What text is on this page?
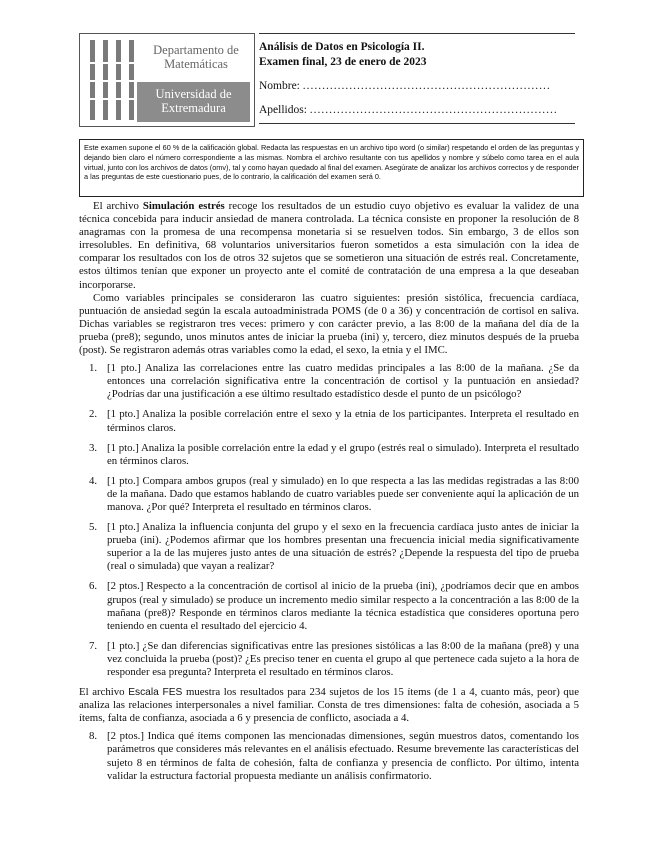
Departamento de Matemáticas
Universidad de Extremadura
Análisis de Datos en Psicología II.
Examen final, 23 de enero de 2023
Nombre: ................................................................
Apellidos: ................................................................
Este examen supone el 60 % de la calificación global. Redacta las respuestas en un archivo tipo word (o similar) respetando el orden de las preguntas y dejando bien claro el número correspondiente a las mismas. Nombra el archivo resultante con tus apellidos y nombre y súbelo como tarea en el aula virtual, junto con los archivos de datos (omv), tal y como hayan quedado al final del examen. Asegúrate de analizar los archivos correctos y de responder a las preguntas de este cuestionario pues, de lo contrario, la calificación del examen será 0.

El archivo Simulación estrés recoge los resultados de un estudio cuyo objetivo es evaluar la validez de una técnica concebida para inducir ansiedad de manera controlada. La técnica consiste en proponer la resolución de 8 anagramas con la promesa de una recompensa monetaria si se resuelven todos. Sin embargo, 3 de ellos son irresolubles. En definitiva, 68 voluntarios universitarios fueron sometidos a esta simulación con la idea de comparar los resultados con los de otros 32 sujetos que se sometieron una situación de estrés real. Concretamente, estos últimos tenían que exponer un proyecto ante el comité de contratación de una empresa a la que deseaban incorporarse.

Como variables principales se consideraron las cuatro siguientes: presión sistólica, frecuencia cardíaca, puntuación de ansiedad según la escala autoadministrada POMS (de 0 a 36) y concentración de cortisol en saliva. Dichas variables se registraron tres veces: primero y con carácter previo, a las 8:00 de la mañana del día de la prueba (pre8); segundo, unos minutos antes de iniciar la prueba (ini) y, tercero, diez minutos después de la prueba (post). Se registraron además otras variables como la edad, el sexo, la etnia y el IMC.

1. [1 pto.] Analiza las correlaciones entre las cuatro medidas principales a las 8:00 de la mañana. ¿Se da entonces una correlación significativa entre la concentración de cortisol y la puntuación en ansiedad? ¿Podrías dar una justificación a ese último resultado estadístico desde el punto de un psicólogo?
2. [1 pto.] Analiza la posible correlación entre el sexo y la etnia de los participantes. Interpreta el resultado en términos claros.
3. [1 pto.] Analiza la posible correlación entre la edad y el grupo (estrés real o simulado). Interpreta el resultado en términos claros.
4. [1 pto.] Compara ambos grupos (real y simulado) en lo que respecta a las las medidas registradas a las 8:00 de la mañana. Dado que estamos hablando de cuatro variables puede ser conveniente aquí la aplicación de un manova. ¿Por qué? Interpreta el resultado en términos claros.
5. [1 pto.] Analiza la influencia conjunta del grupo y el sexo en la frecuencia cardíaca justo antes de iniciar la prueba (ini). ¿Podemos afirmar que los hombres presentan una frecuencia inicial media significativamente superior a la de las mujeres justo antes de una situación de estrés? ¿Depende la respuesta del tipo de prueba (real o simulada) que vayan a realizar?
6. [2 ptos.] Respecto a la concentración de cortisol al inicio de la prueba (ini), ¿podríamos decir que en ambos grupos (real y simulado) se produce un incremento medio similar respecto a la concentración a las 8:00 de la mañana (pre8)? Responde en términos claros mediante la técnica estadística que consideres oportuna pero teniendo en cuenta el resultado del ejercicio 4.
7. [1 pto.] ¿Se dan diferencias significativas entre las presiones sistólicas a las 8:00 de la mañana (pre8) y una vez concluida la prueba (post)? ¿Es preciso tener en cuenta el grupo al que pertenece cada sujeto a la hora de responder esa pregunta? Interpreta el resultado en términos claros.

El archivo Escala FES muestra los resultados para 234 sujetos de los 15 ítems (de 1 a 4, cuanto más, peor) que analiza las relaciones interpersonales a nivel familiar. Consta de tres dimensiones: falta de cohesión, asociada a 5 ítems, falta de confianza, asociada a 6 y presencia de conflicto, asociada a 4.

8. [2 ptos.] Indica qué ítems componen las mencionadas dimensiones, según muestros datos, comentando los parámetros que consideres más relevantes en el análisis efectuado. Resume brevemente las características del sujeto 8 en términos de falta de cohesión, falta de confianza y presencia de conflicto. Por último, intenta validar la estructura factorial propuesta mediante un análisis confirmatorio.
